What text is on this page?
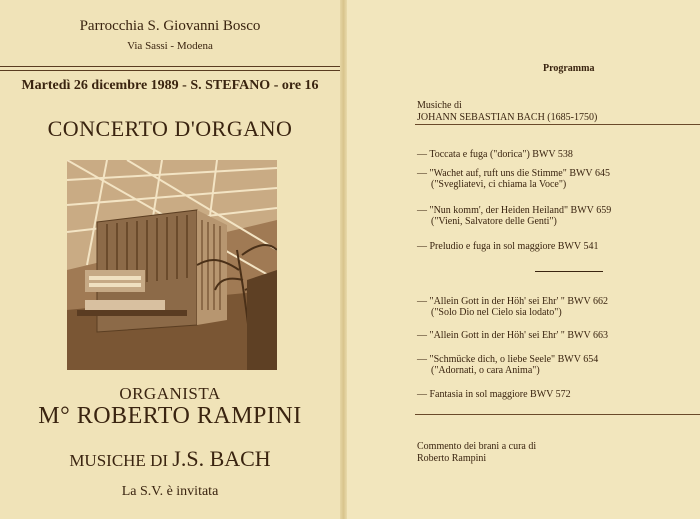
Parrocchia S. Giovanni Bosco
Via Sassi - Modena
Martedì 26 dicembre 1989 - S. STEFANO - ore 16
CONCERTO D'ORGANO
ORGANISTA
M° ROBERTO RAMPINI
MUSICHE DI J.S. BACH
La S.V. è invitata
Programma
Musiche di
JOHANN SEBASTIAN BACH (1685-1750)
— Toccata e fuga ("dorica") BWV 538
— "Wachet auf, ruft uns die Stimme" BWV 645
("Svegliatevi, ci chiama la Voce")
— "Nun komm', der Heiden Heiland" BWV 659
("Vieni, Salvatore delle Genti")
— Preludio e fuga in sol maggiore BWV 541
— "Allein Gott in der Höh' sei Ehr' " BWV 662
("Solo Dio nel Cielo sia lodato")
— "Allein Gott in der Höh' sei Ehr' " BWV 663
— "Schmücke dich, o liebe Seele" BWV 654
("Adornati, o cara Anima")
— Fantasia in sol maggiore BWV 572
Commento dei brani a cura di
Roberto Rampini
